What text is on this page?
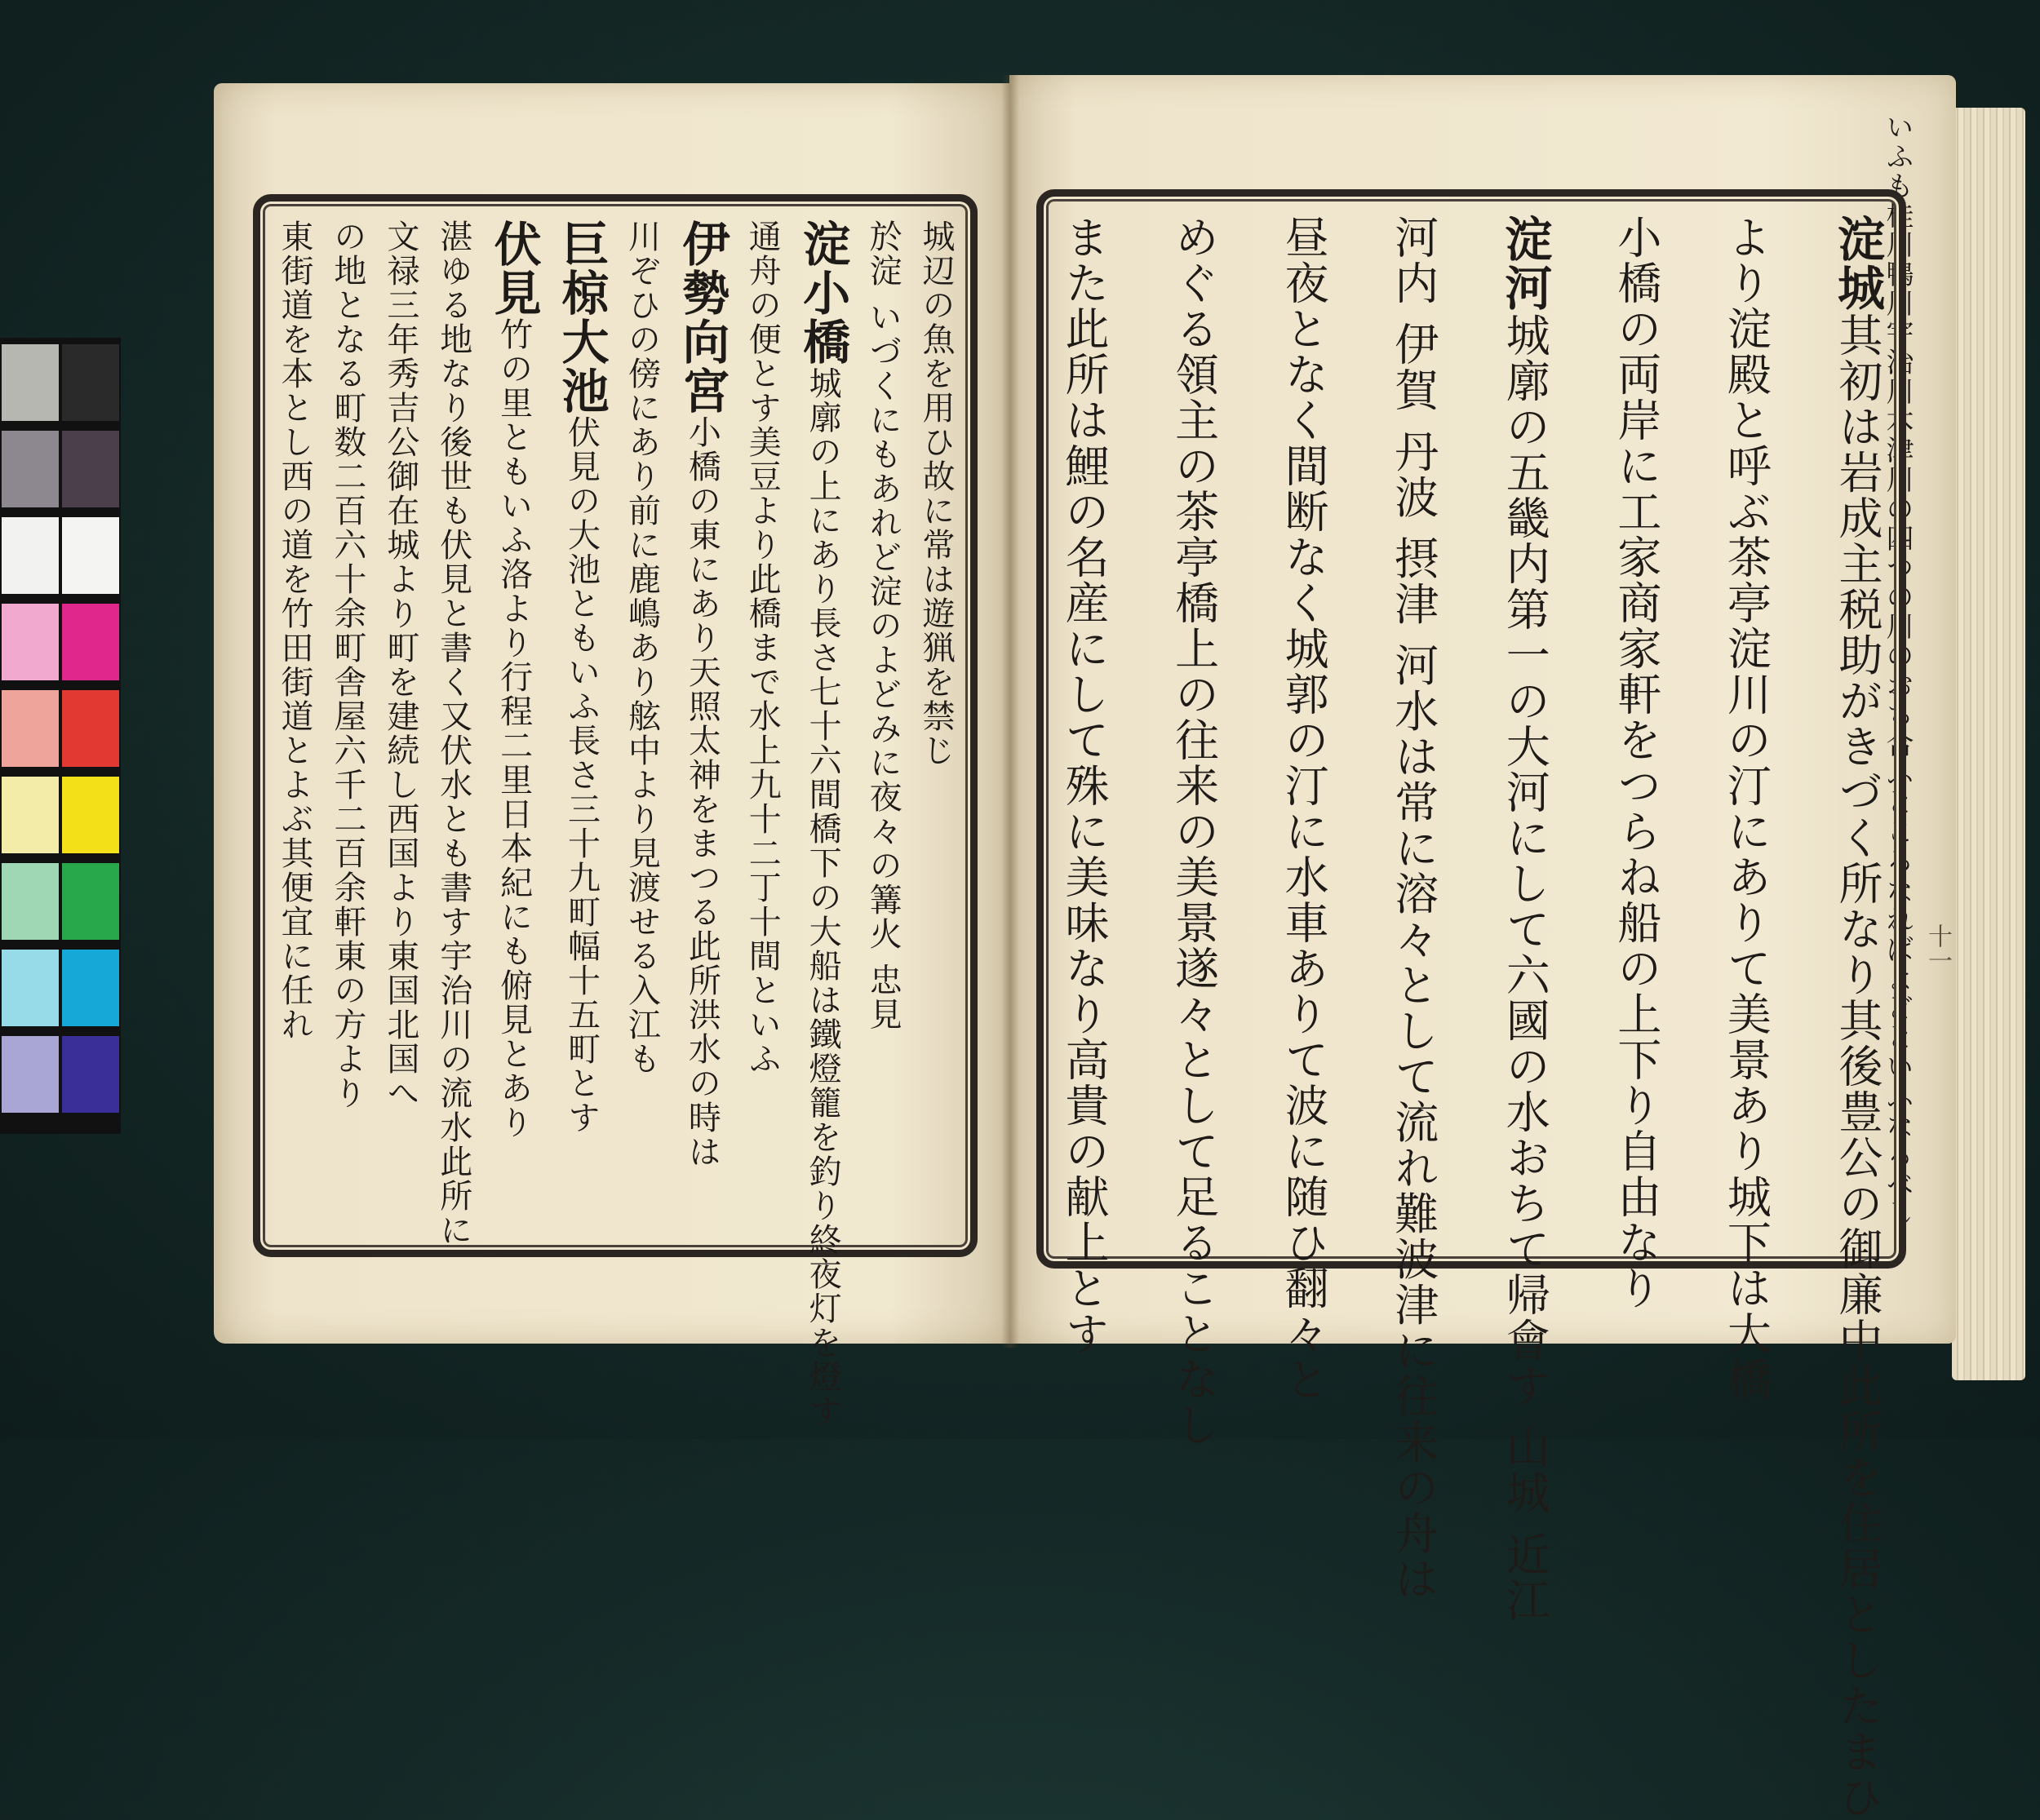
いふも桂川鴨川宇治川木津川の四つの川のおち合ふところなればよどといふなるべし
淀城其初は岩成主税助がきづく所なり其後豊公の御廉中此所を住居としたまひ
より淀殿と呼ぶ茶亭淀川の汀にありて美景あり城下は大橋
小橋の両岸に工家商家軒をつらね船の上下り自由なり
淀河城廓の五畿内第一の大河にして六國の水おちて帰會す 山城 近江
河内 伊賀 丹波 摂津 河水は常に溶々として流れ難波津に往来の舟は
昼夜となく間断なく城郭の汀に水車ありて波に随ひ翻々と
めぐる領主の茶亭橋上の往来の美景遂々として足ることなし
また此所は鯉の名産にして殊に美味なり高貴の献上とす
城辺の魚を用ひ故に常は遊猟を禁じ
於淀 いづくにもあれど淀のよどみに夜々の篝火 忠見
淀小橋城廓の上にあり長さ七十六間橋下の大船は鐵燈籠を釣り終夜灯を燈す
通舟の便とす美豆より此橋まで水上九十二丁十間といふ
伊勢向宮小橋の東にあり天照太神をまつる此所洪水の時は
川ぞひの傍にあり前に鹿嶋あり舷中より見渡せる入江も
巨椋大池伏見の大池ともいふ長さ三十九町幅十五町とす
伏見竹の里ともいふ洛より行程二里日本紀にも俯見とあり
湛ゆる地なり後世も伏見と書く又伏水とも書す宇治川の流水此所に
文禄三年秀吉公御在城より町を建続し西国より東国北国へ
の地となる町数二百六十余町舎屋六千二百余軒東の方より
東街道を本とし西の道を竹田街道とよぶ其便宜に任れ	十一
